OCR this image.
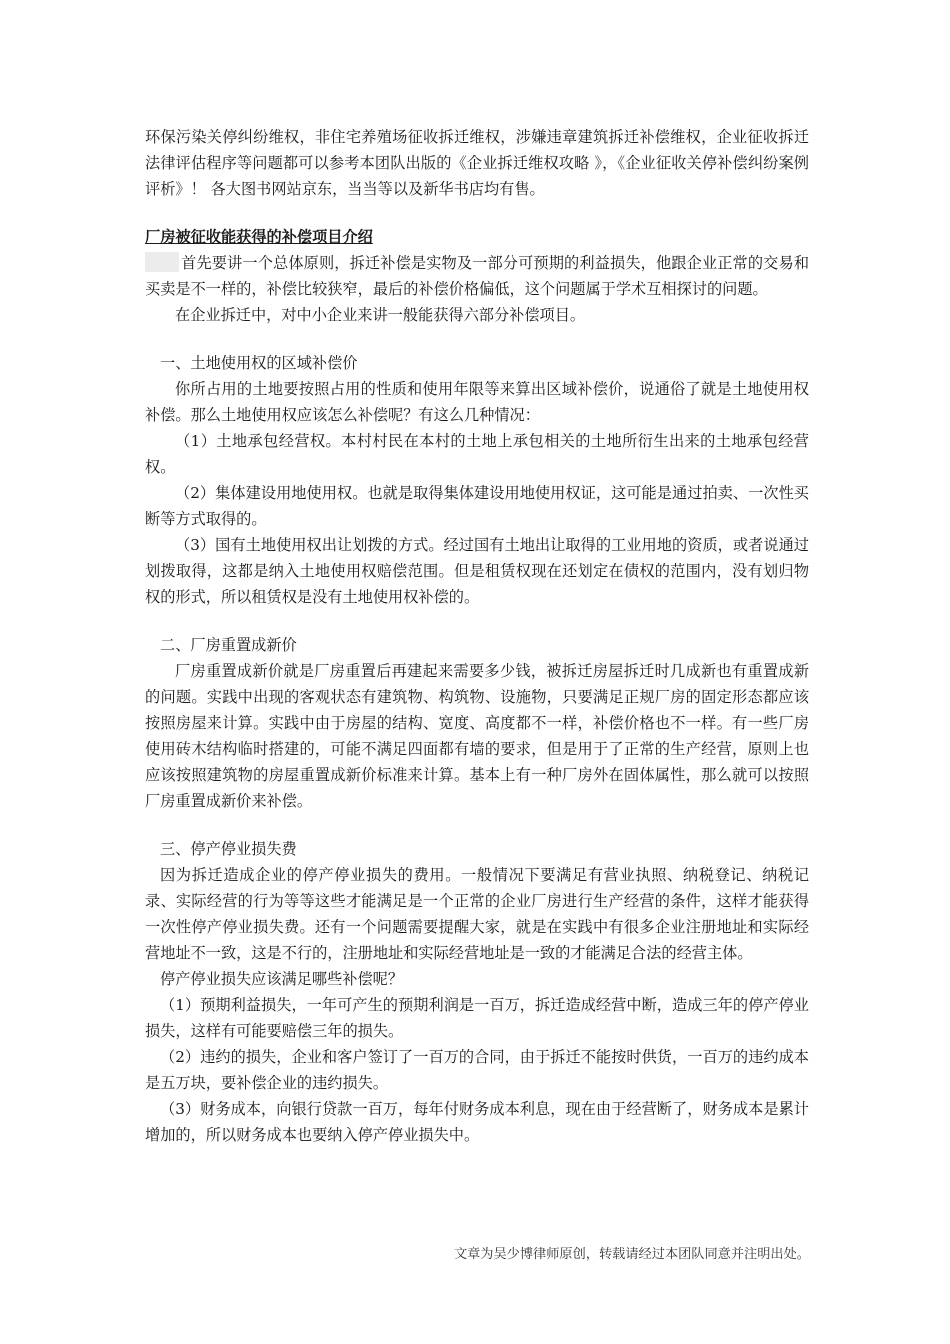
环保污染关停纠纷维权，非住宅养殖场征收拆迁维权，涉嫌违章建筑拆迁补偿维权，企业征收拆迁法律评估程序等问题都可以参考本团队出版的《企业拆迁维权攻略 》，《企业征收关停补偿纠纷案例评析》！ 各大图书网站京东，当当等以及新华书店均有售。

厂房被征收能获得的补偿项目介绍

首先要讲一个总体原则，拆迁补偿是实物及一部分可预期的利益损失，他跟企业正常的交易和买卖是不一样的，补偿比较狭窄，最后的补偿价格偏低，这个问题属于学术互相探讨的问题。

在企业拆迁中，对中小企业来讲一般能获得六部分补偿项目。

一、土地使用权的区域补偿价

你所占用的土地要按照占用的性质和使用年限等来算出区域补偿价，说通俗了就是土地使用权补偿。那么土地使用权应该怎么补偿呢？有这么几种情况：

（1）土地承包经营权。本村村民在本村的土地上承包相关的土地所衍生出来的土地承包经营权。

（2）集体建设用地使用权。也就是取得集体建设用地使用权证，这可能是通过拍卖、一次性买断等方式取得的。

（3）国有土地使用权出让划拨的方式。经过国有土地出让取得的工业用地的资质，或者说通过划拨取得，这都是纳入土地使用权赔偿范围。但是租赁权现在还划定在债权的范围内，没有划归物权的形式，所以租赁权是没有土地使用权补偿的。

二、厂房重置成新价

厂房重置成新价就是厂房重置后再建起来需要多少钱，被拆迁房屋拆迁时几成新也有重置成新的问题。实践中出现的客观状态有建筑物、构筑物、设施物，只要满足正规厂房的固定形态都应该按照房屋来计算。实践中由于房屋的结构、宽度、高度都不一样，补偿价格也不一样。有一些厂房使用砖木结构临时搭建的，可能不满足四面都有墙的要求，但是用于了正常的生产经营，原则上也应该按照建筑物的房屋重置成新价标准来计算。基本上有一种厂房外在固体属性，那么就可以按照厂房重置成新价来补偿。

三、停产停业损失费

因为拆迁造成企业的停产停业损失的费用。一般情况下要满足有营业执照、纳税登记、纳税记录、实际经营的行为等等这些才能满足是一个正常的企业厂房进行生产经营的条件，这样才能获得一次性停产停业损失费。还有一个问题需要提醒大家，就是在实践中有很多企业注册地址和实际经营地址不一致，这是不行的，注册地址和实际经营地址是一致的才能满足合法的经营主体。

停产停业损失应该满足哪些补偿呢？

（1）预期利益损失，一年可产生的预期利润是一百万，拆迁造成经营中断，造成三年的停产停业损失，这样有可能要赔偿三年的损失。

（2）违约的损失，企业和客户签订了一百万的合同，由于拆迁不能按时供货，一百万的违约成本是五万块，要补偿企业的违约损失。

（3）财务成本，向银行贷款一百万，每年付财务成本利息，现在由于经营断了，财务成本是累计增加的，所以财务成本也要纳入停产停业损失中。

文章为吴少博律师原创，转载请经过本团队同意并注明出处。
